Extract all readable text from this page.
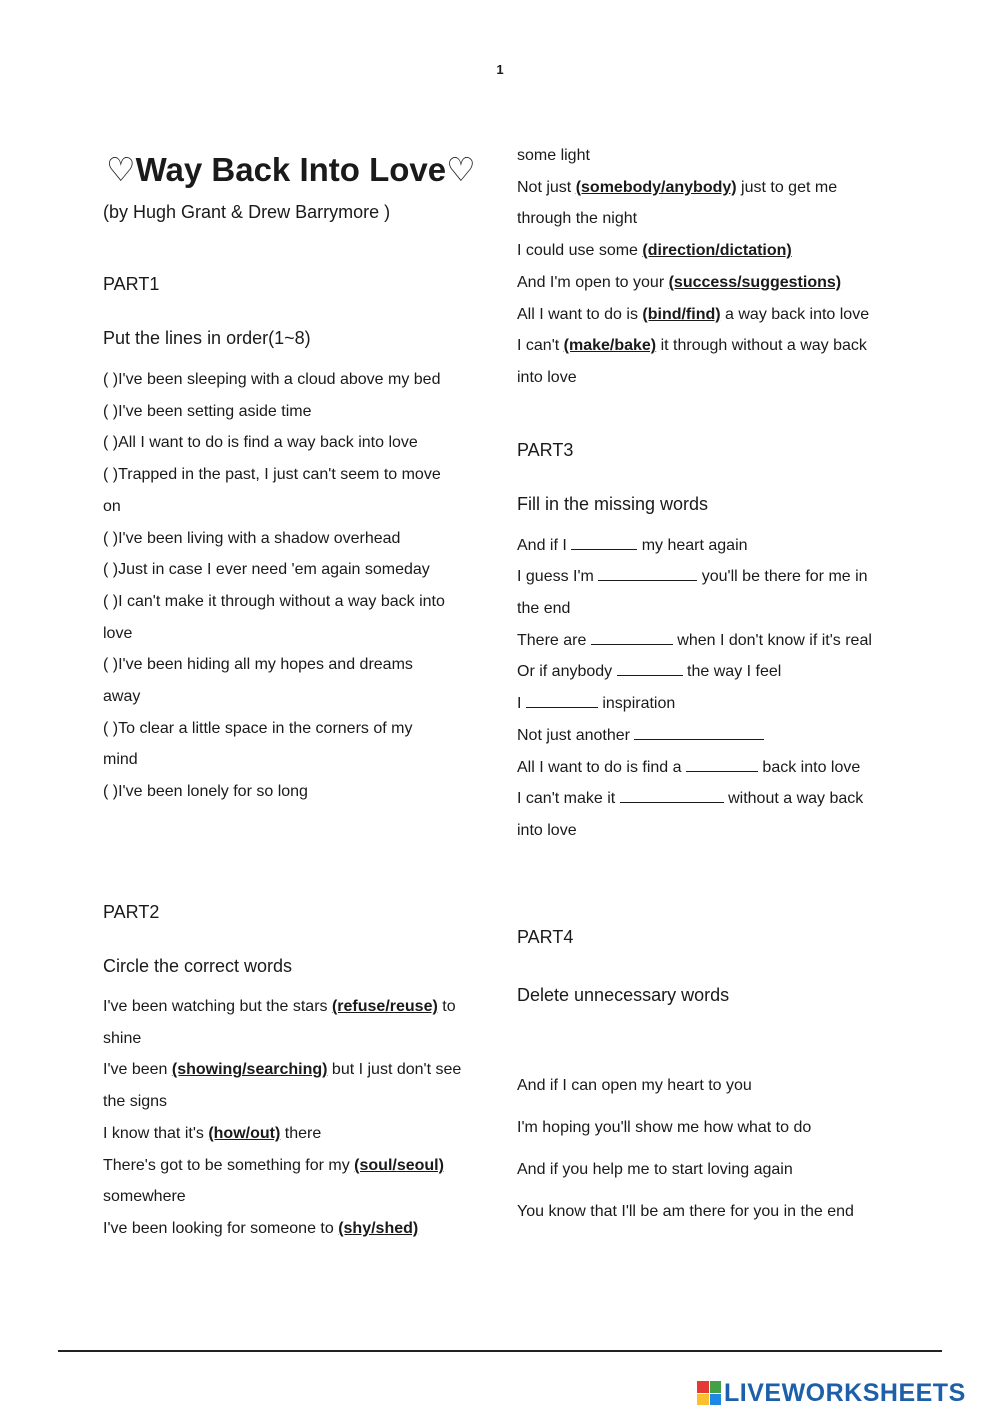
1
♡Way Back Into Love♡
(by Hugh Grant & Drew Barrymore )
PART1
Put the lines in order(1~8)
( )I've been sleeping with a cloud above my bed
( )I've been setting aside time
( )All I want to do is find a way back into love
( )Trapped in the past, I just can't seem to move
on
( )I've been living with a shadow overhead
( )Just in case I ever need 'em again someday
( )I can't make it through without a way back into
love
( )I've been hiding all my hopes and dreams
away
( )To clear a little space in the corners of my
mind
( )I've been lonely for so long
PART2
Circle the correct words
I've been watching but the stars (refuse/reuse) to
shine
I've been (showing/searching) but I just don't see
the signs
I know that it's (how/out) there
There's got to be something for my (soul/seoul)
somewhere
I've been looking for someone to (shy/shed)
some light
Not just (somebody/anybody) just to get me
through the night
I could use some (direction/dictation)
And I'm open to your (success/suggestions)
All I want to do is (bind/find) a way back into love
I can't (make/bake) it through without a way back
into love
PART3
Fill in the missing words
And if I	my heart again
I guess I'm	you'll be there for me in
the end
There are	when I don't know if it's real
Or if anybody	the way I feel
I	inspiration
Not just another
All I want to do is find a	back into love
I can't make it	without a way back
into love
PART4
Delete unnecessary words
And if I can open my heart to you
I'm hoping you'll show me how what to do
And if you help me to start loving again
You know that I'll be am there for you in the end
LIVEWORKSHEETS
